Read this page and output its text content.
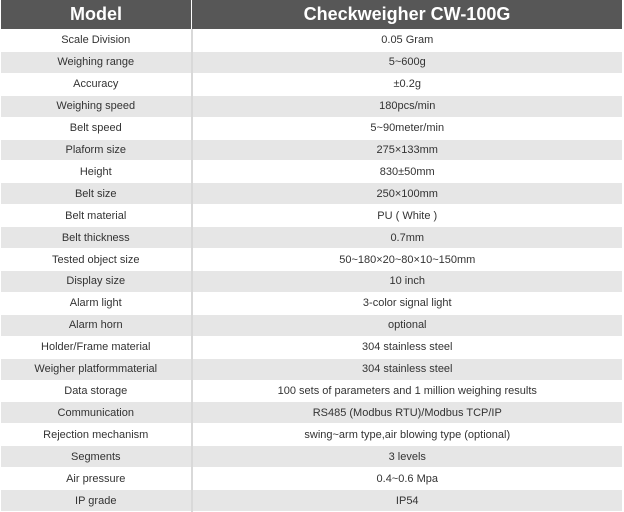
Model	Checkweigher CW-100G
Scale Division	0.05 Gram
Weighing range	5~600g
Accuracy	±0.2g
Weighing speed	180pcs/min
Belt speed	5~90meter/min
Plaform size	275×133mm
Height	830±50mm
Belt size	250×100mm
Belt material	PU ( White )
Belt thickness	0.7mm
Tested object size	50~180×20~80×10~150mm
Display size	10 inch
Alarm light	3-color signal light
Alarm horn	optional
Holder/Frame material	304 stainless steel
Weigher platformmaterial	304 stainless steel
Data storage	100 sets of parameters and 1 million weighing results
Communication	RS485 (Modbus RTU)/Modbus TCP/IP
Rejection mechanism	swing~arm type,air blowing type (optional)
Segments	3 levels
Air pressure	0.4~0.6 Mpa
IP grade	IP54
